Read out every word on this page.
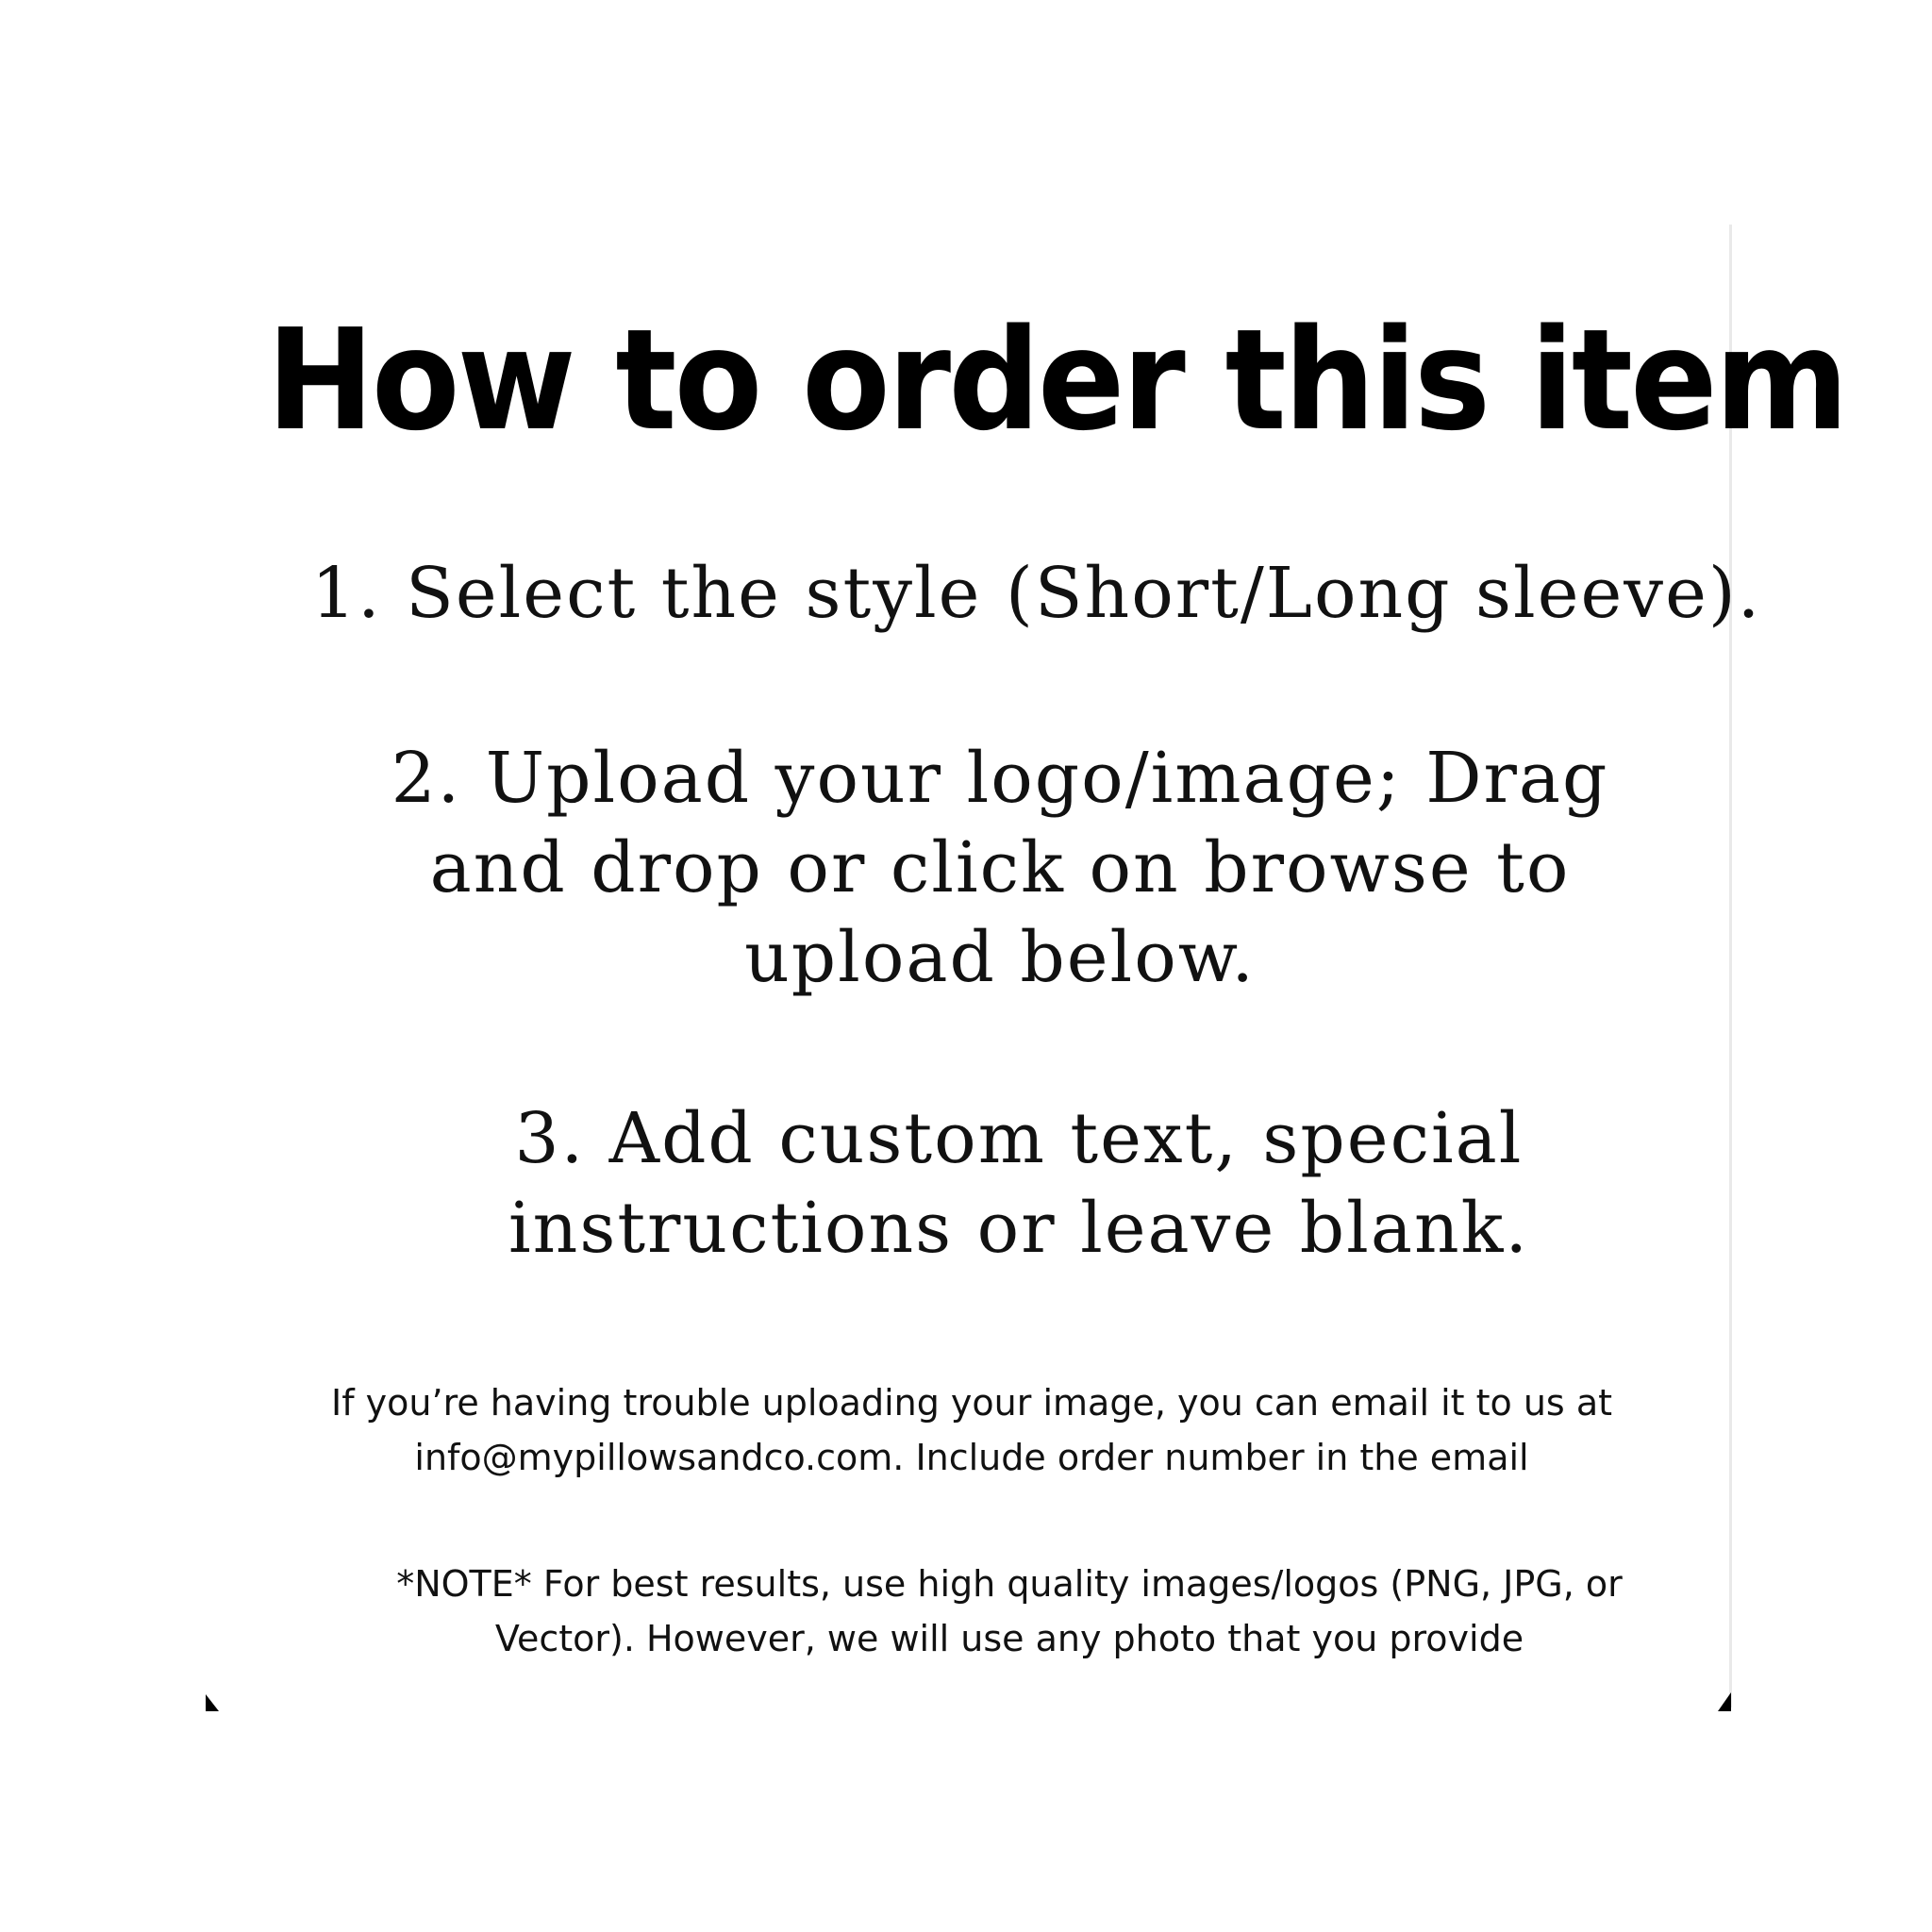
How to order this item

1. Select the style (Short/Long sleeve).

2. Upload your logo/image; Drag and drop or click on browse to upload below.

3. Add custom text, special instructions or leave blank.

If you’re having trouble uploading your image, you can email it to us at info@mypillowsandco.com. Include order number in the email

*NOTE* For best results, use high quality images/logos (PNG, JPG, or Vector). However, we will use any photo that you provide
